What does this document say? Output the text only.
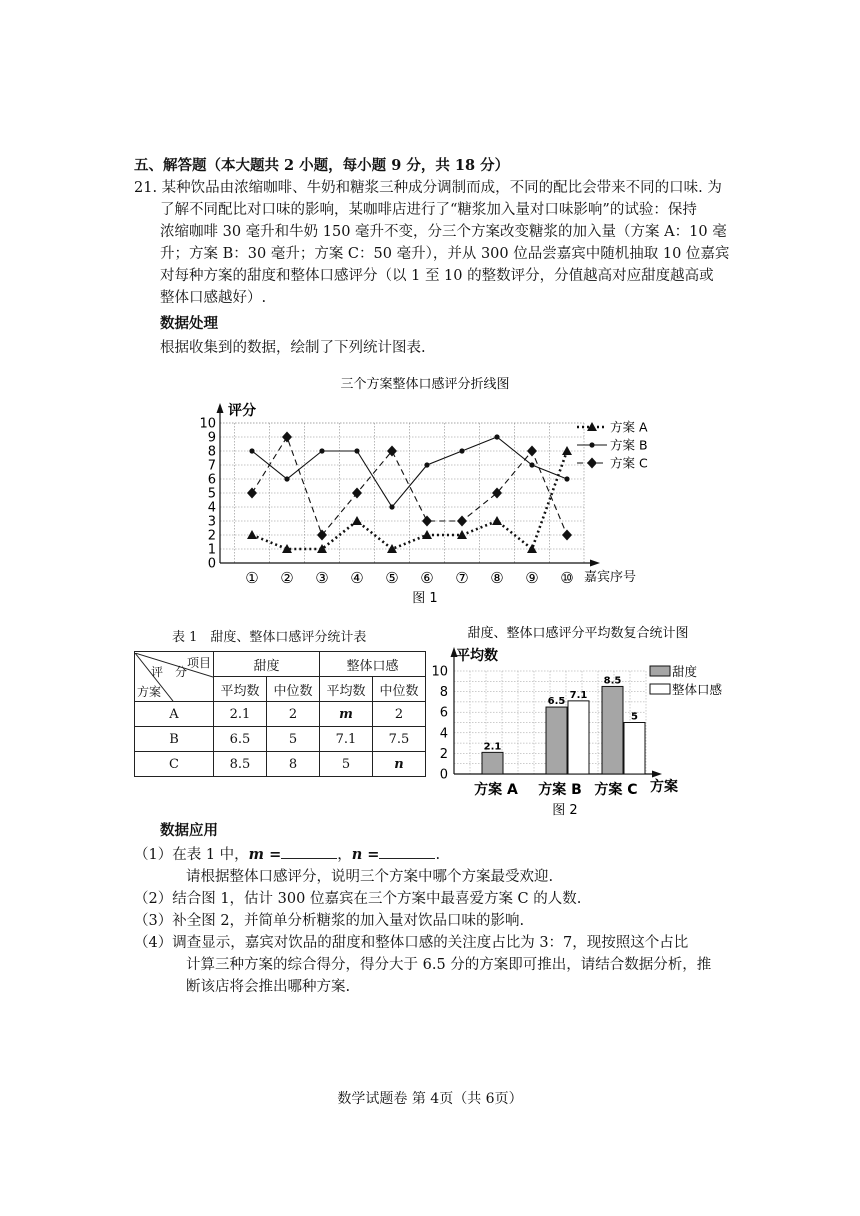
五、解答题（本大题共 2 小题，每小题 9 分，共 18 分）
21. 某种饮品由浓缩咖啡、牛奶和糖浆三种成分调制而成，不同的配比会带来不同的口味. 为
了解不同配比对口味的影响，某咖啡店进行了“糖浆加入量对口味影响”的试验：保持
浓缩咖啡 30 毫升和牛奶 150 毫升不变，分三个方案改变糖浆的加入量（方案 A：10 毫
升；方案 B：30 毫升；方案 C：50 毫升），并从 300 位品尝嘉宾中随机抽取 10 位嘉宾
对每种方案的甜度和整体口感评分（以 1 至 10 的整数评分，分值越高对应甜度越高或
整体口感越好）.
数据处理
根据收集到的数据，绘制了下列统计图表.
三个方案整体口感评分折线图
0
1
2
3
4
5
6
7
8
9
10
① ② ③ ④ ⑤ ⑥ ⑦ ⑧ ⑨ ⑩
方案 A
方案 B
方案 C
评分
嘉宾序号
图 1
表 1　甜度、整体口感评分统计表
项目
评　分
方案	甜度		整体口感	
	平均数	中位数	平均数	中位数
A	2.1	2	m	2
B	6.5	5	7.1	7.5
C	8.5	8	5	n
甜度、整体口感评分平均数复合统计图
0
2
4
6
8
10
方案 A 方案 B 方案 C
2.1
6.5
7.1
8.5
5
甜度
整体口感
平均数
方案
图 2
数据应用
（1）在表 1 中，m =	，n =	.
请根据整体口感评分，说明三个方案中哪个方案最受欢迎.
（2）结合图 1，估计 300 位嘉宾在三个方案中最喜爱方案 C 的人数.
（3）补全图 2，并简单分析糖浆的加入量对饮品口味的影响.
（4）调查显示，嘉宾对饮品的甜度和整体口感的关注度占比为 3：7，现按照这个占比
计算三种方案的综合得分，得分大于 6.5 分的方案即可推出，请结合数据分析，推
断该店将会推出哪种方案.
数学试题卷 第 4页（共 6页）
